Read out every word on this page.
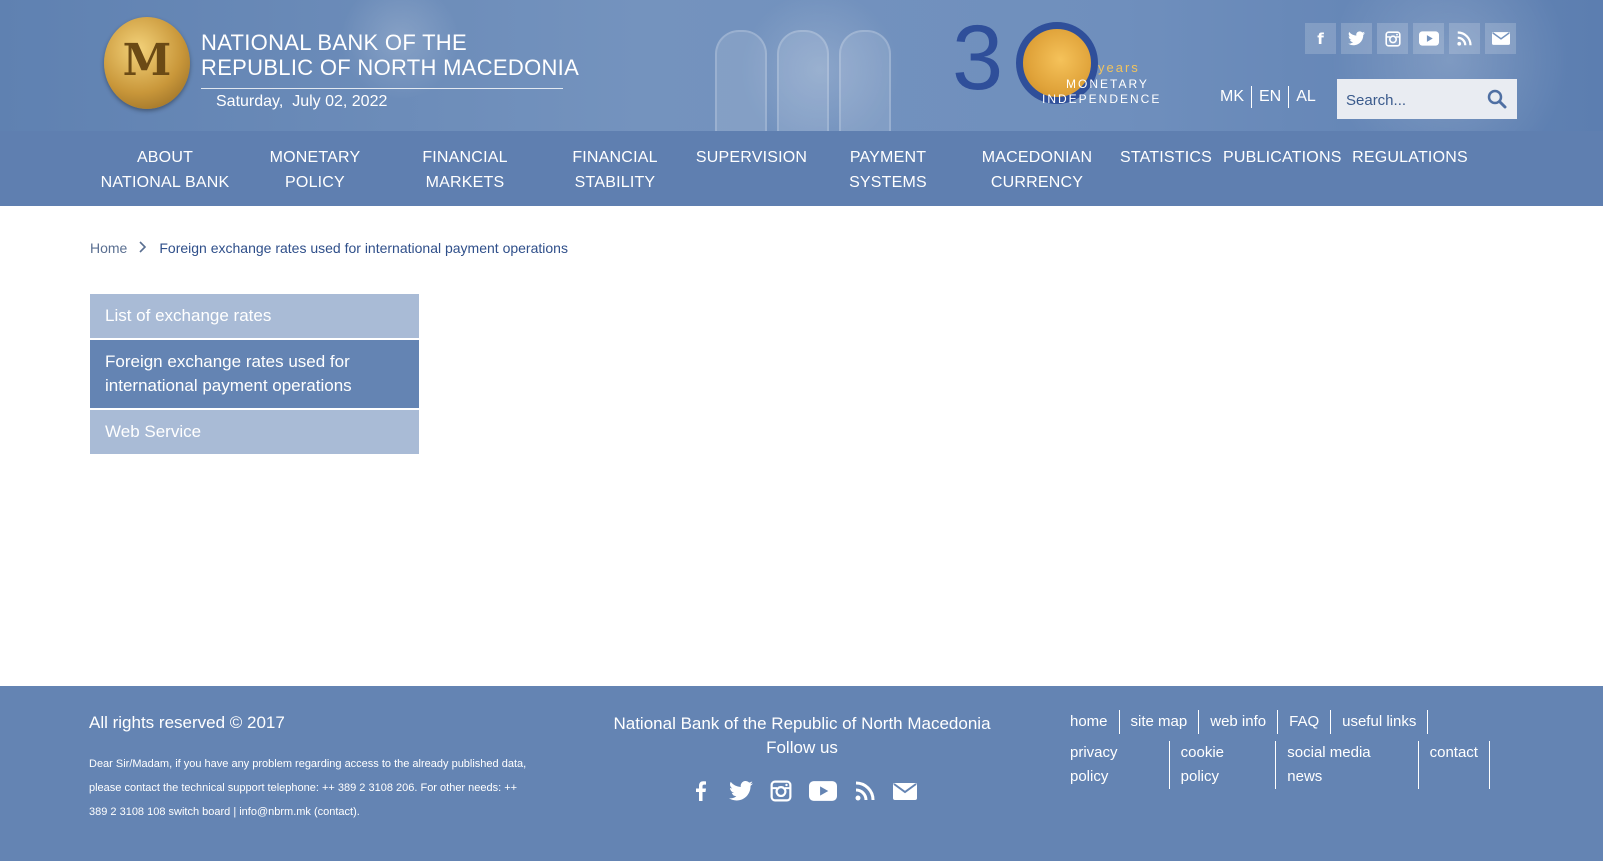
M	NATIONAL BANK OF THE
REPUBLIC OF NORTH MACEDONIA
Saturday, July 02, 2022	3	years
MONETARY
INDEPENDENCE
f
MK EN AL
Search...
ABOUT
NATIONAL BANK
MONETARY
POLICY
FINANCIAL
MARKETS
FINANCIAL
STABILITY
SUPERVISION	PAYMENT
SYSTEMS
MACEDONIAN
CURRENCY
STATISTICS PUBLICATIONS REGULATIONS
Home Foreign exchange rates used for international payment operations
List of exchange rates
Foreign exchange rates used for
international payment operations
Web Service
All rights reserved © 2017
Dear Sir/Madam, if you have any problem regarding access to the already published data, please contact the technical support telephone: ++ 389 2 3108 206. For other needs: ++ 389 2 3108 108 switch board | info@nbrm.mk (contact).
National Bank of the Republic of North Macedonia
Follow us
home	site map	web info	FAQ	useful links
privacy policy
cookie policy
social media news
contact
